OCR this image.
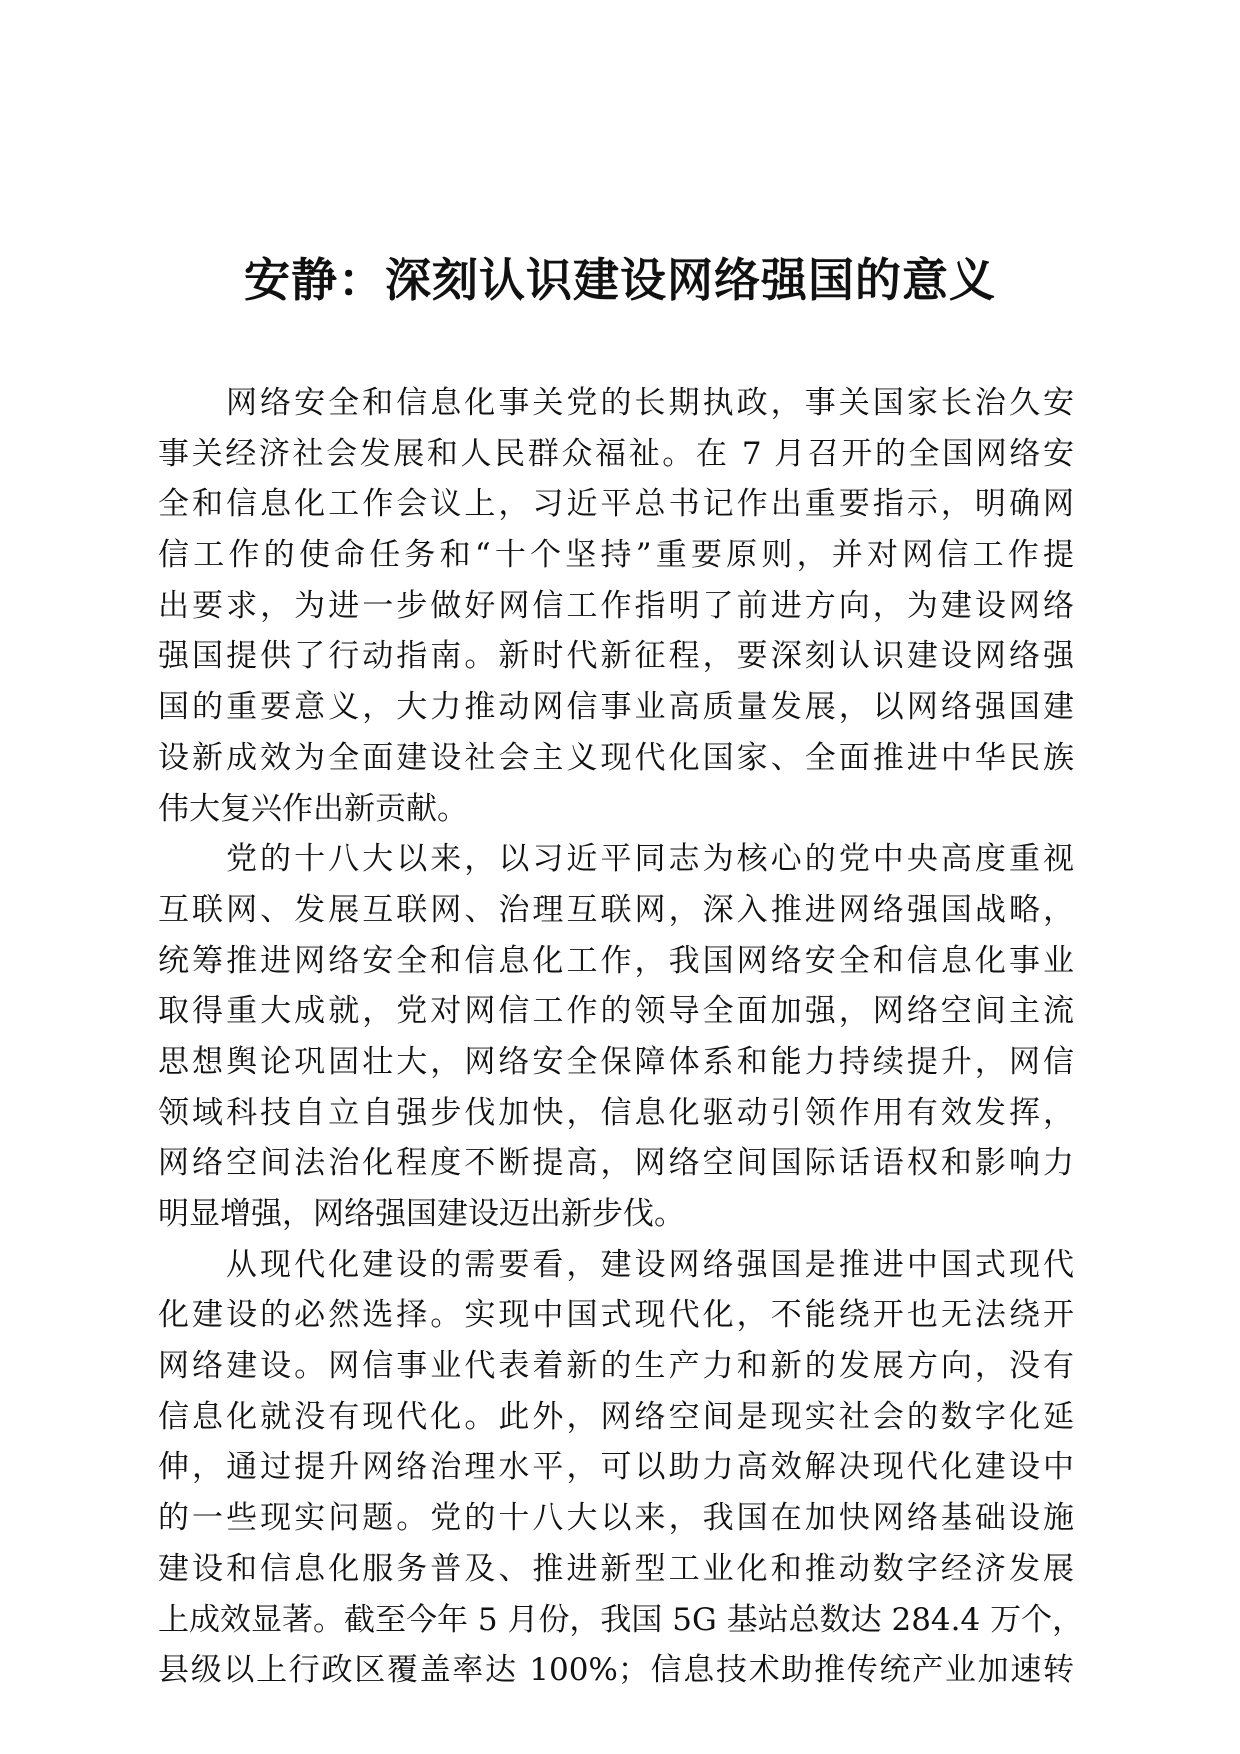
安静：深刻认识建设网络强国的意义
网络安全和信息化事关党的长期执政，事关国家长治久安
事关经济社会发展和人民群众福祉。在 7 月召开的全国网络安
全和信息化工作会议上，习近平总书记作出重要指示，明确网
信工作的使命任务和“十个坚持”重要原则，并对网信工作提
出要求，为进一步做好网信工作指明了前进方向，为建设网络
强国提供了行动指南。新时代新征程，要深刻认识建设网络强
国的重要意义，大力推动网信事业高质量发展，以网络强国建
设新成效为全面建设社会主义现代化国家、全面推进中华民族
伟大复兴作出新贡献。
党的十八大以来，以习近平同志为核心的党中央高度重视
互联网、发展互联网、治理互联网，深入推进网络强国战略，
统筹推进网络安全和信息化工作，我国网络安全和信息化事业
取得重大成就，党对网信工作的领导全面加强，网络空间主流
思想舆论巩固壮大，网络安全保障体系和能力持续提升，网信
领域科技自立自强步伐加快，信息化驱动引领作用有效发挥，
网络空间法治化程度不断提高，网络空间国际话语权和影响力
明显增强，网络强国建设迈出新步伐。
从现代化建设的需要看，建设网络强国是推进中国式现代
化建设的必然选择。实现中国式现代化，不能绕开也无法绕开
网络建设。网信事业代表着新的生产力和新的发展方向，没有
信息化就没有现代化。此外，网络空间是现实社会的数字化延
伸，通过提升网络治理水平，可以助力高效解决现代化建设中
的一些现实问题。党的十八大以来，我国在加快网络基础设施
建设和信息化服务普及、推进新型工业化和推动数字经济发展
上成效显著。截至今年 5 月份，我国 5G 基站总数达 284.4 万个，
县级以上行政区覆盖率达 100%；信息技术助推传统产业加速转
